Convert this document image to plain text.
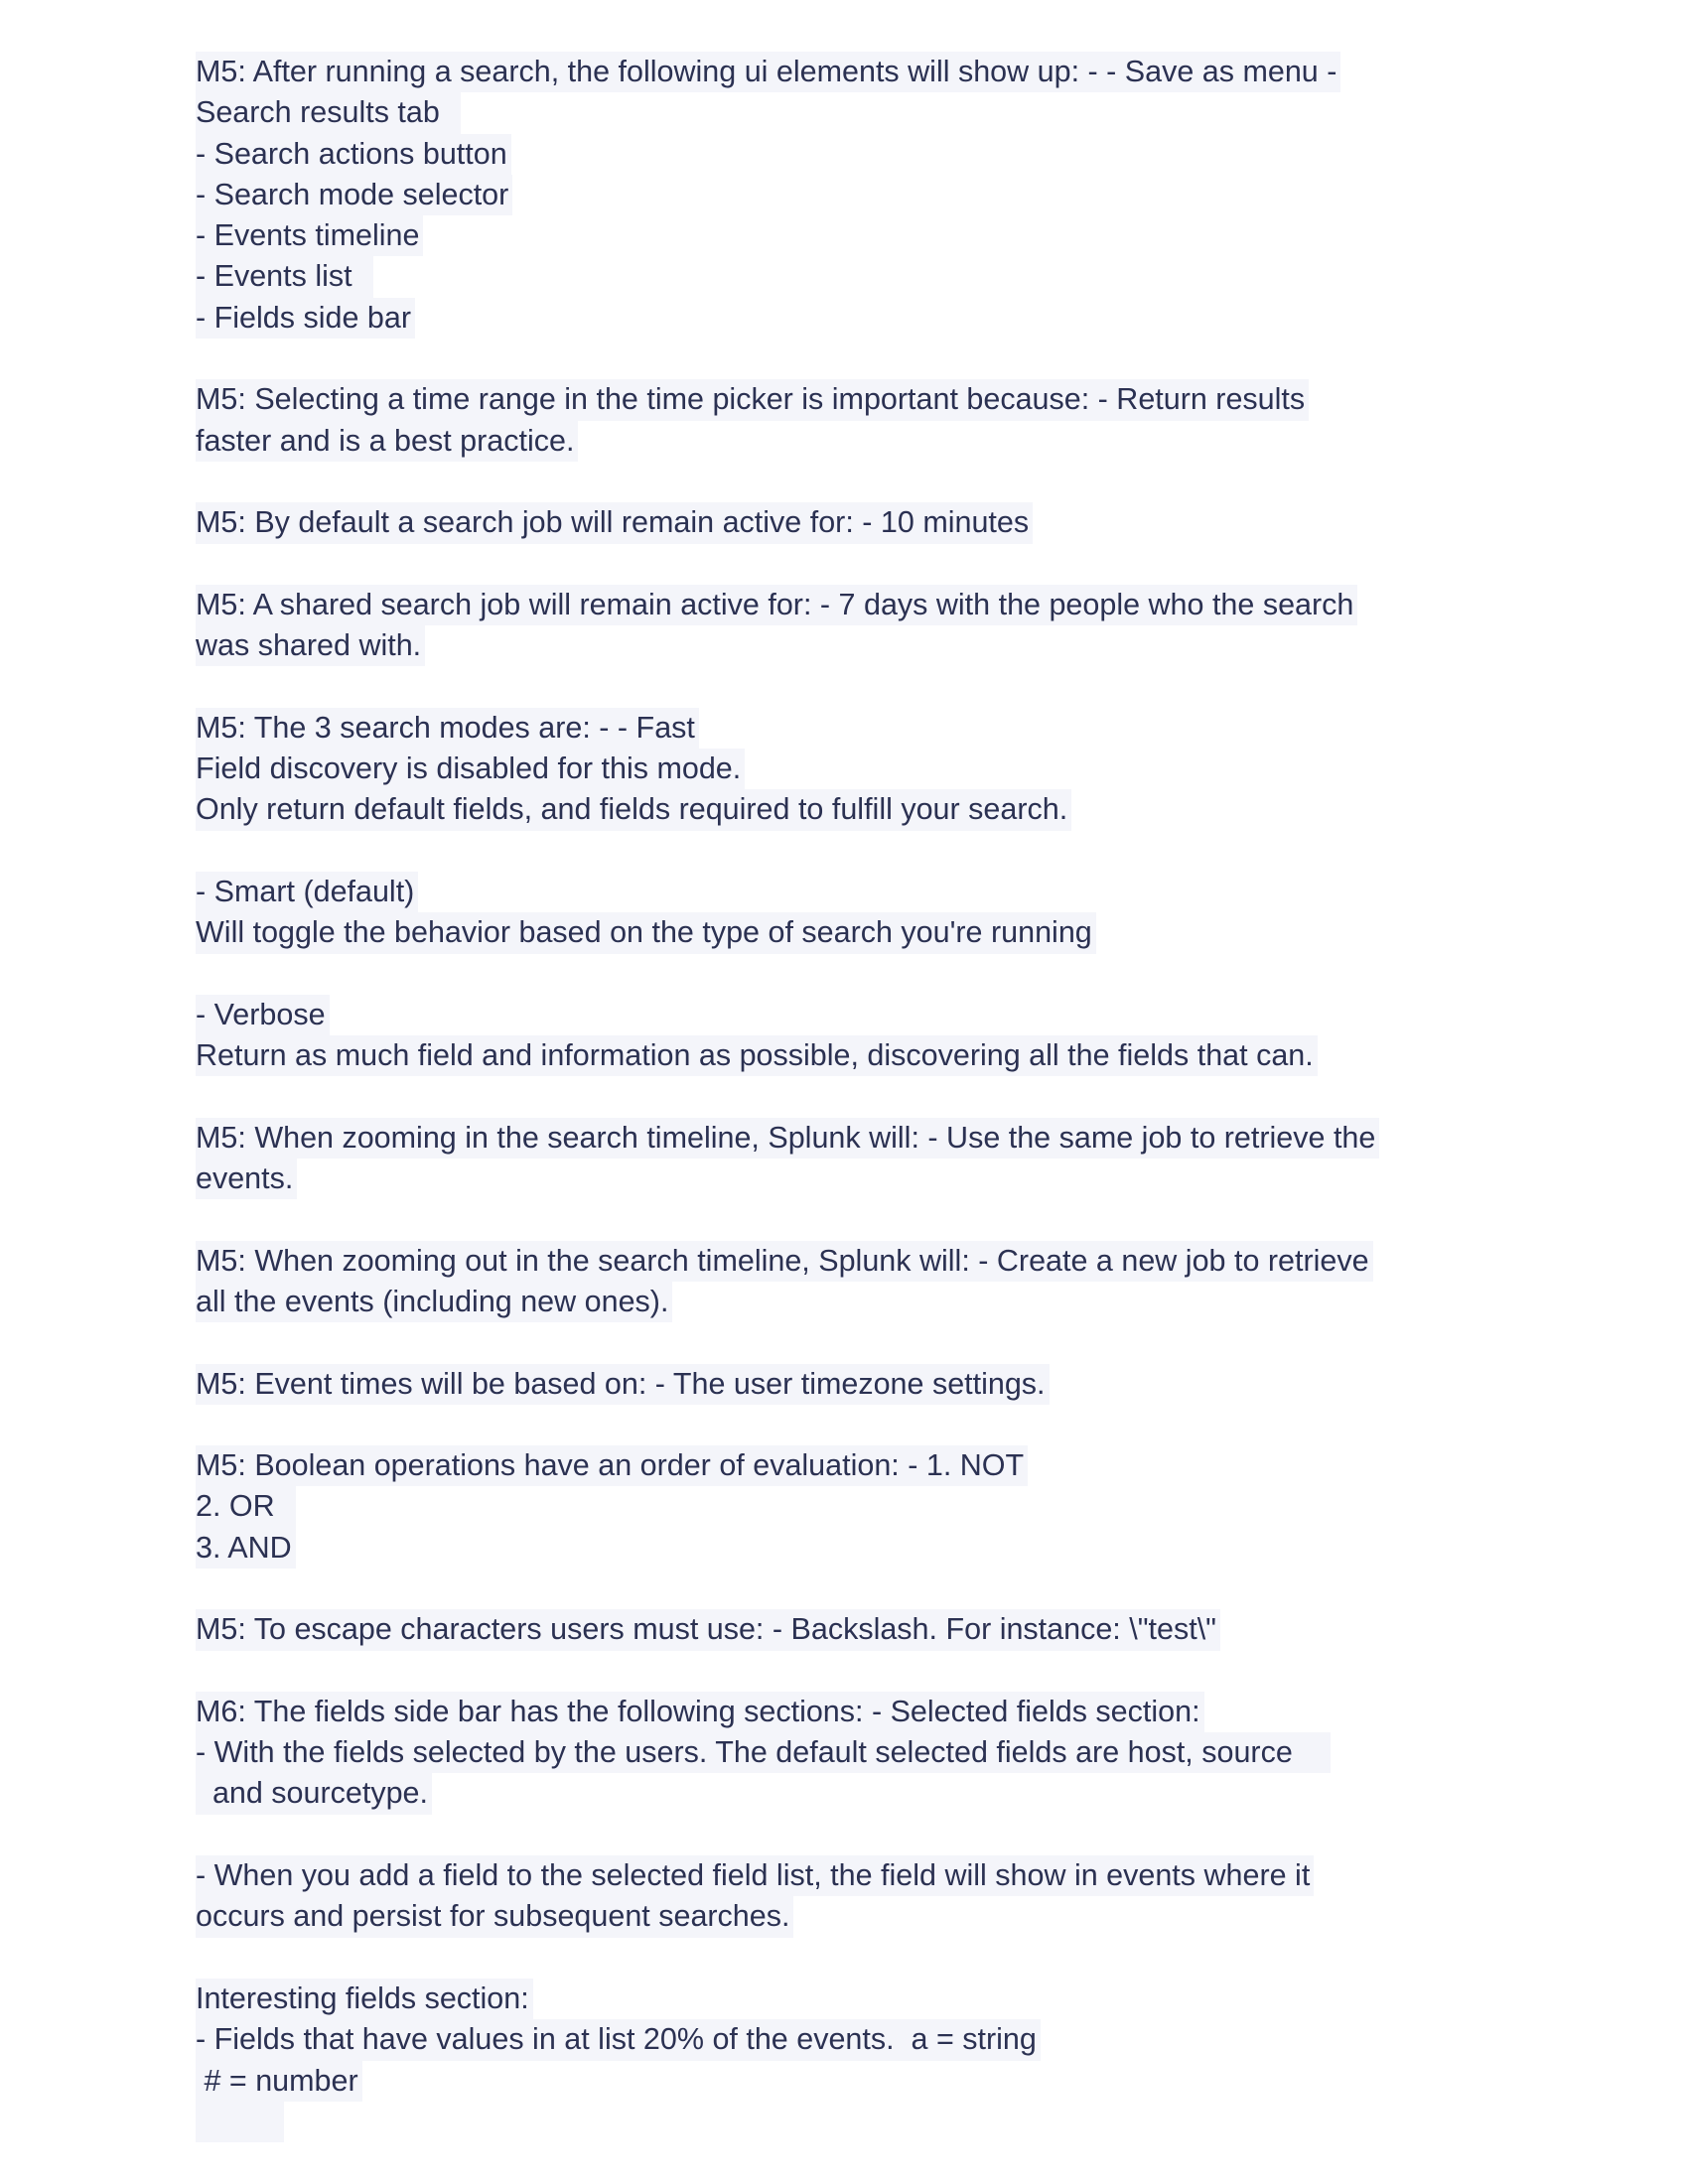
M5: After running a search, the following ui elements will show up: - - Save as menu -
Search results tab
- Search actions button
- Search mode selector
- Events timeline
- Events list
- Fields side bar
M5: Selecting a time range in the time picker is important because: - Return results
faster and is a best practice.
M5: By default a search job will remain active for: - 10 minutes
M5: A shared search job will remain active for: - 7 days with the people who the search
was shared with.
M5: The 3 search modes are: - - Fast
Field discovery is disabled for this mode.
Only return default fields, and fields required to fulfill your search.
- Smart (default)
Will toggle the behavior based on the type of search you're running
- Verbose
Return as much field and information as possible, discovering all the fields that can.
M5: When zooming in the search timeline, Splunk will: - Use the same job to retrieve the
events.
M5: When zooming out in the search timeline, Splunk will: - Create a new job to retrieve
all the events (including new ones).
M5: Event times will be based on: - The user timezone settings.
M5: Boolean operations have an order of evaluation: - 1. NOT
2. OR
3. AND
M5: To escape characters users must use: - Backslash. For instance: \"test\"
M6: The fields side bar has the following sections: - Selected fields section:
- With the fields selected by the users. The default selected fields are host, source
and sourcetype.
- When you add a field to the selected field list, the field will show in events where it
occurs and persist for subsequent searches.
Interesting fields section:
- Fields that have values in at list 20% of the events.  a = string
# = number
